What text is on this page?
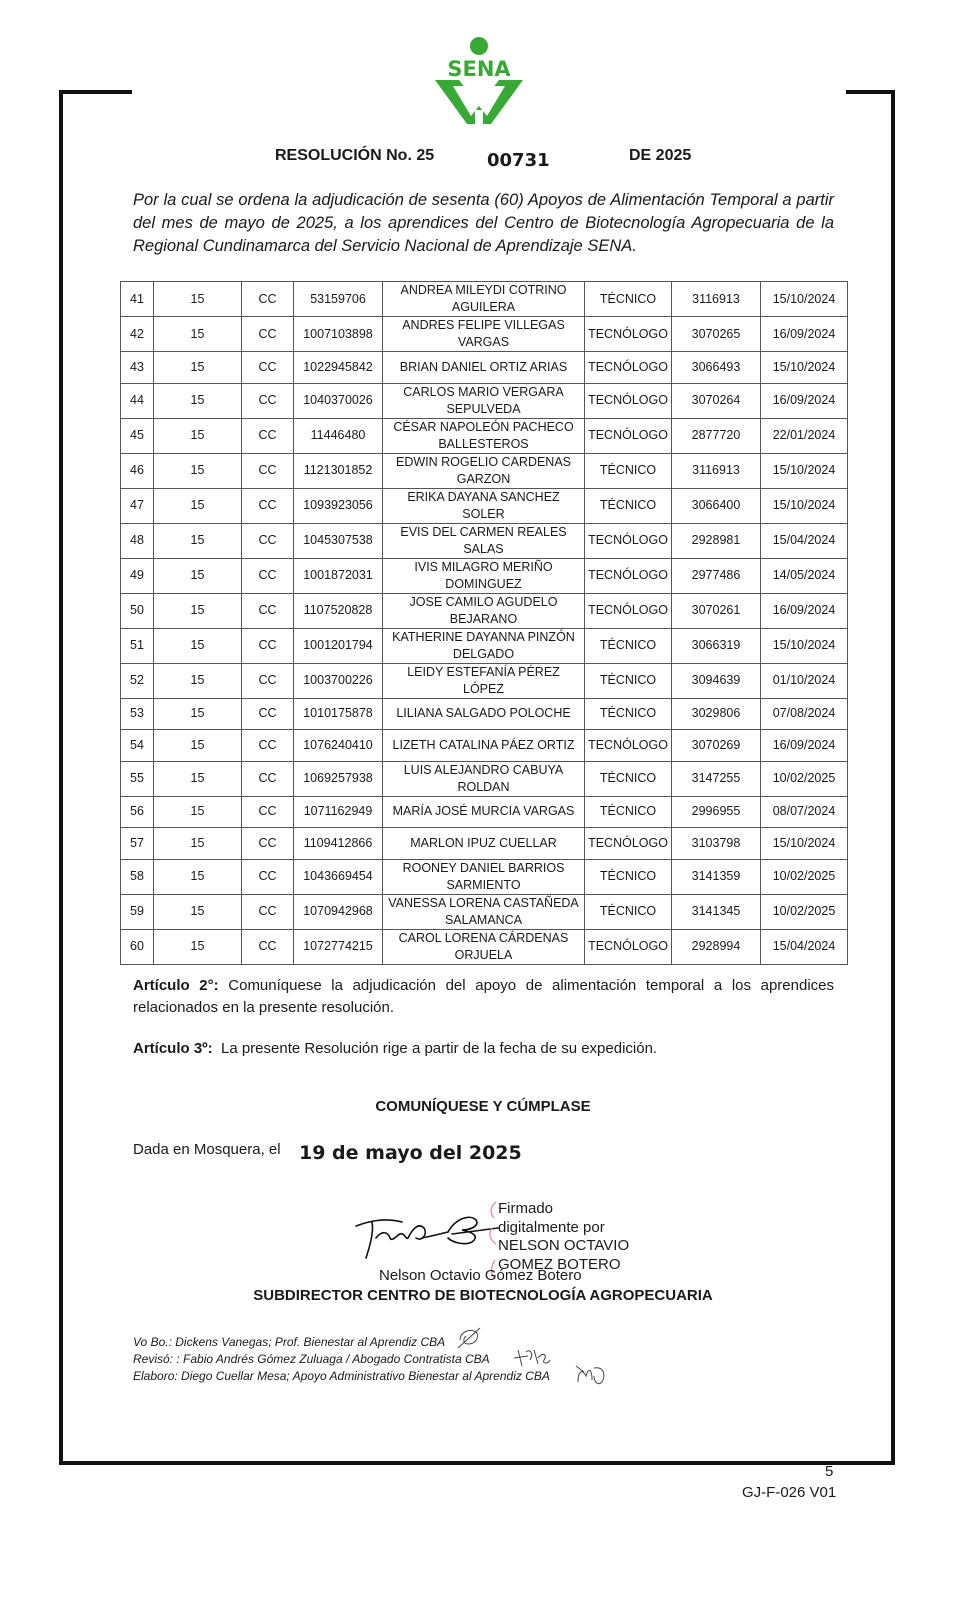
SENA
RESOLUCIÓN No. 25	00731	DE 2025
Por la cual se ordena la adjudicación de sesenta (60) Apoyos de Alimentación Temporal a partir del mes de mayo de 2025, a los aprendices del Centro de Biotecnología Agropecuaria de la Regional Cundinamarca del Servicio Nacional de Aprendizaje SENA.
41	15	CC	53159706	ANDREA MILEYDI COTRINO AGUILERA	TÉCNICO	3116913	15/10/2024
42	15	CC	1007103898	ANDRES FELIPE VILLEGAS VARGAS	TECNÓLOGO	3070265	16/09/2024
43	15	CC	1022945842	BRIAN DANIEL ORTIZ ARIAS	TECNÓLOGO	3066493	15/10/2024
44	15	CC	1040370026	CARLOS MARIO VERGARA SEPULVEDA	TECNÓLOGO	3070264	16/09/2024
45	15	CC	11446480	CÉSAR NAPOLEÓN PACHECO BALLESTEROS	TECNÓLOGO	2877720	22/01/2024
46	15	CC	1121301852	EDWIN ROGELIO CARDENAS GARZON	TÉCNICO	3116913	15/10/2024
47	15	CC	1093923056	ERIKA DAYANA SANCHEZ SOLER	TÉCNICO	3066400	15/10/2024
48	15	CC	1045307538	EVIS DEL CARMEN REALES SALAS	TECNÓLOGO	2928981	15/04/2024
49	15	CC	1001872031	IVIS MILAGRO MERIÑO DOMINGUEZ	TECNÓLOGO	2977486	14/05/2024
50	15	CC	1107520828	JOSE CAMILO AGUDELO BEJARANO	TECNÓLOGO	3070261	16/09/2024
51	15	CC	1001201794	KATHERINE DAYANNA PINZÓN DELGADO	TÉCNICO	3066319	15/10/2024
52	15	CC	1003700226	LEIDY ESTEFANÍA PÉREZ LÓPEZ	TÉCNICO	3094639	01/10/2024
53	15	CC	1010175878	LILIANA SALGADO POLOCHE	TÉCNICO	3029806	07/08/2024
54	15	CC	1076240410	LIZETH CATALINA PÁEZ ORTIZ	TECNÓLOGO	3070269	16/09/2024
55	15	CC	1069257938	LUIS ALEJANDRO CABUYA ROLDAN	TÉCNICO	3147255	10/02/2025
56	15	CC	1071162949	MARÍA JOSÉ MURCIA VARGAS	TÉCNICO	2996955	08/07/2024
57	15	CC	1109412866	MARLON IPUZ CUELLAR	TECNÓLOGO	3103798	15/10/2024
58	15	CC	1043669454	ROONEY DANIEL BARRIOS SARMIENTO	TÉCNICO	3141359	10/02/2025
59	15	CC	1070942968	VANESSA LORENA CASTAÑEDA SALAMANCA	TÉCNICO	3141345	10/02/2025
60	15	CC	1072774215	CAROL LORENA CÁRDENAS ORJUELA	TECNÓLOGO	2928994	15/04/2024
Artículo 2°: Comuníquese la adjudicación del apoyo de alimentación temporal a los aprendices relacionados en la presente resolución.
Artículo 3º:  La presente Resolución rige a partir de la fecha de su expedición.
COMUNÍQUESE Y CÚMPLASE
Dada en Mosquera, el 19 de mayo del 2025
Firmado
digitalmente por
NELSON OCTAVIO
GOMEZ BOTERO
Nelson Octavio Gómez Botero
SUBDIRECTOR CENTRO DE BIOTECNOLOGÍA AGROPECUARIA
Vo Bo.: Dickens Vanegas; Prof. Bienestar al Aprendiz CBA
Revisó: : Fabio Andrés Gómez Zuluaga / Abogado Contratista CBA
Elaboro: Diego Cuellar Mesa; Apoyo Administrativo Bienestar al Aprendiz CBA
5
GJ-F-026 V01
